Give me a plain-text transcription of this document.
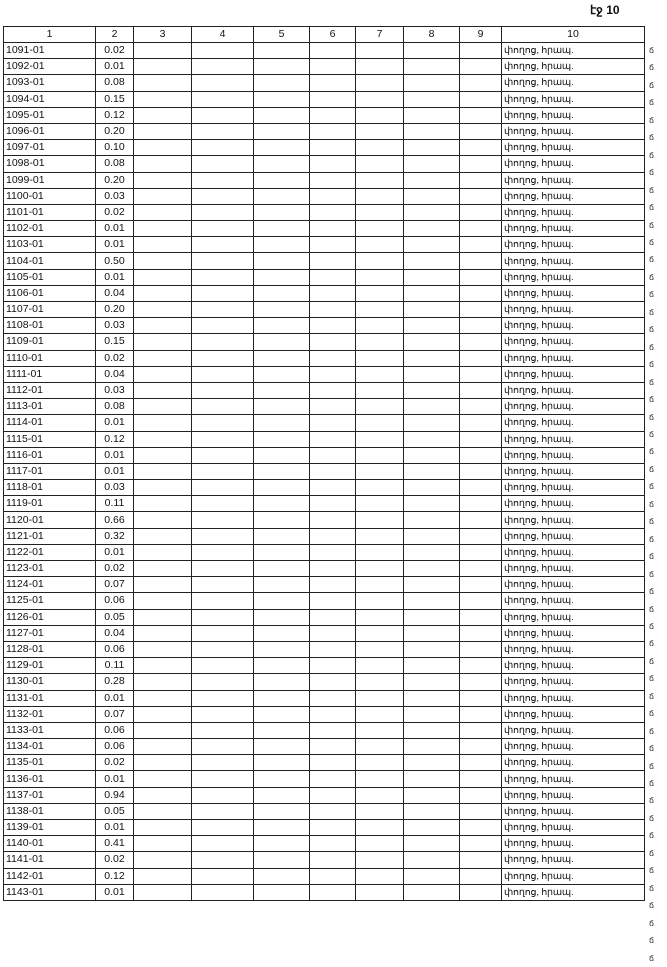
էջ 10
1	2	3	4	5	6	7	8	9	10
1091-01	0.02								փողոց, հրապ.
1092-01	0.01								փողոց, հրապ.
1093-01	0.08								փողոց, հրապ.
1094-01	0.15								փողոց, հրապ.
1095-01	0.12								փողոց, հրապ.
1096-01	0.20								փողոց, հրապ.
1097-01	0.10								փողոց, հրապ.
1098-01	0.08								փողոց, հրապ.
1099-01	0.20								փողոց, հրապ.
1100-01	0.03								փողոց, հրապ.
1101-01	0.02								փողոց, հրապ.
1102-01	0.01								փողոց, հրապ.
1103-01	0.01								փողոց, հրապ.
1104-01	0.50								փողոց, հրապ.
1105-01	0.01								փողոց, հրապ.
1106-01	0.04								փողոց, հրապ.
1107-01	0.20								փողոց, հրապ.
1108-01	0.03								փողոց, հրապ.
1109-01	0.15								փողոց, հրապ.
1110-01	0.02								փողոց, հրապ.
1111-01	0.04								փողոց, հրապ.
1112-01	0.03								փողոց, հրապ.
1113-01	0.08								փողոց, հրապ.
1114-01	0.01								փողոց, հրապ.
1115-01	0.12								փողոց, հրապ.
1116-01	0.01								փողոց, հրապ.
1117-01	0.01								փողոց, հրապ.
1118-01	0.03								փողոց, հրապ.
1119-01	0.11								փողոց, հրապ.
1120-01	0.66								փողոց, հրապ.
1121-01	0.32								փողոց, հրապ.
1122-01	0.01								փողոց, հրապ.
1123-01	0.02								փողոց, հրապ.
1124-01	0.07								փողոց, հրապ.
1125-01	0.06								փողոց, հրապ.
1126-01	0.05								փողոց, հրապ.
1127-01	0.04								փողոց, հրապ.
1128-01	0.06								փողոց, հրապ.
1129-01	0.11								փողոց, հրապ.
1130-01	0.28								փողոց, հրապ.
1131-01	0.01								փողոց, հրապ.
1132-01	0.07								փողոց, հրապ.
1133-01	0.06								փողոց, հրապ.
1134-01	0.06								փողոց, հրապ.
1135-01	0.02								փողոց, հրապ.
1136-01	0.01								փողոց, հրապ.
1137-01	0.94								փողոց, հրապ.
1138-01	0.05								փողոց, հրապ.
1139-01	0.01								փողոց, հրապ.
1140-01	0.41								փողոց, հրապ.
1141-01	0.02								փողոց, հրապ.
1142-01	0.12								փողոց, հրապ.
1143-01	0.01								փողոց, հրապ.
ճ
ճ
ճ
ճ
ճ
ճ
ճ
ճ
ճ
ճ
ճ
ճ
ճ
ճ
ճ
ճ
ճ
ճ
ճ
ճ
ճ
ճ
ճ
ճ
ճ
ճ
ճ
ճ
ճ
ճ
ճ
ճ
ճ
ճ
ճ
ճ
ճ
ճ
ճ
ճ
ճ
ճ
ճ
ճ
ճ
ճ
ճ
ճ
ճ
ճ
ճ
ճ
ճ
